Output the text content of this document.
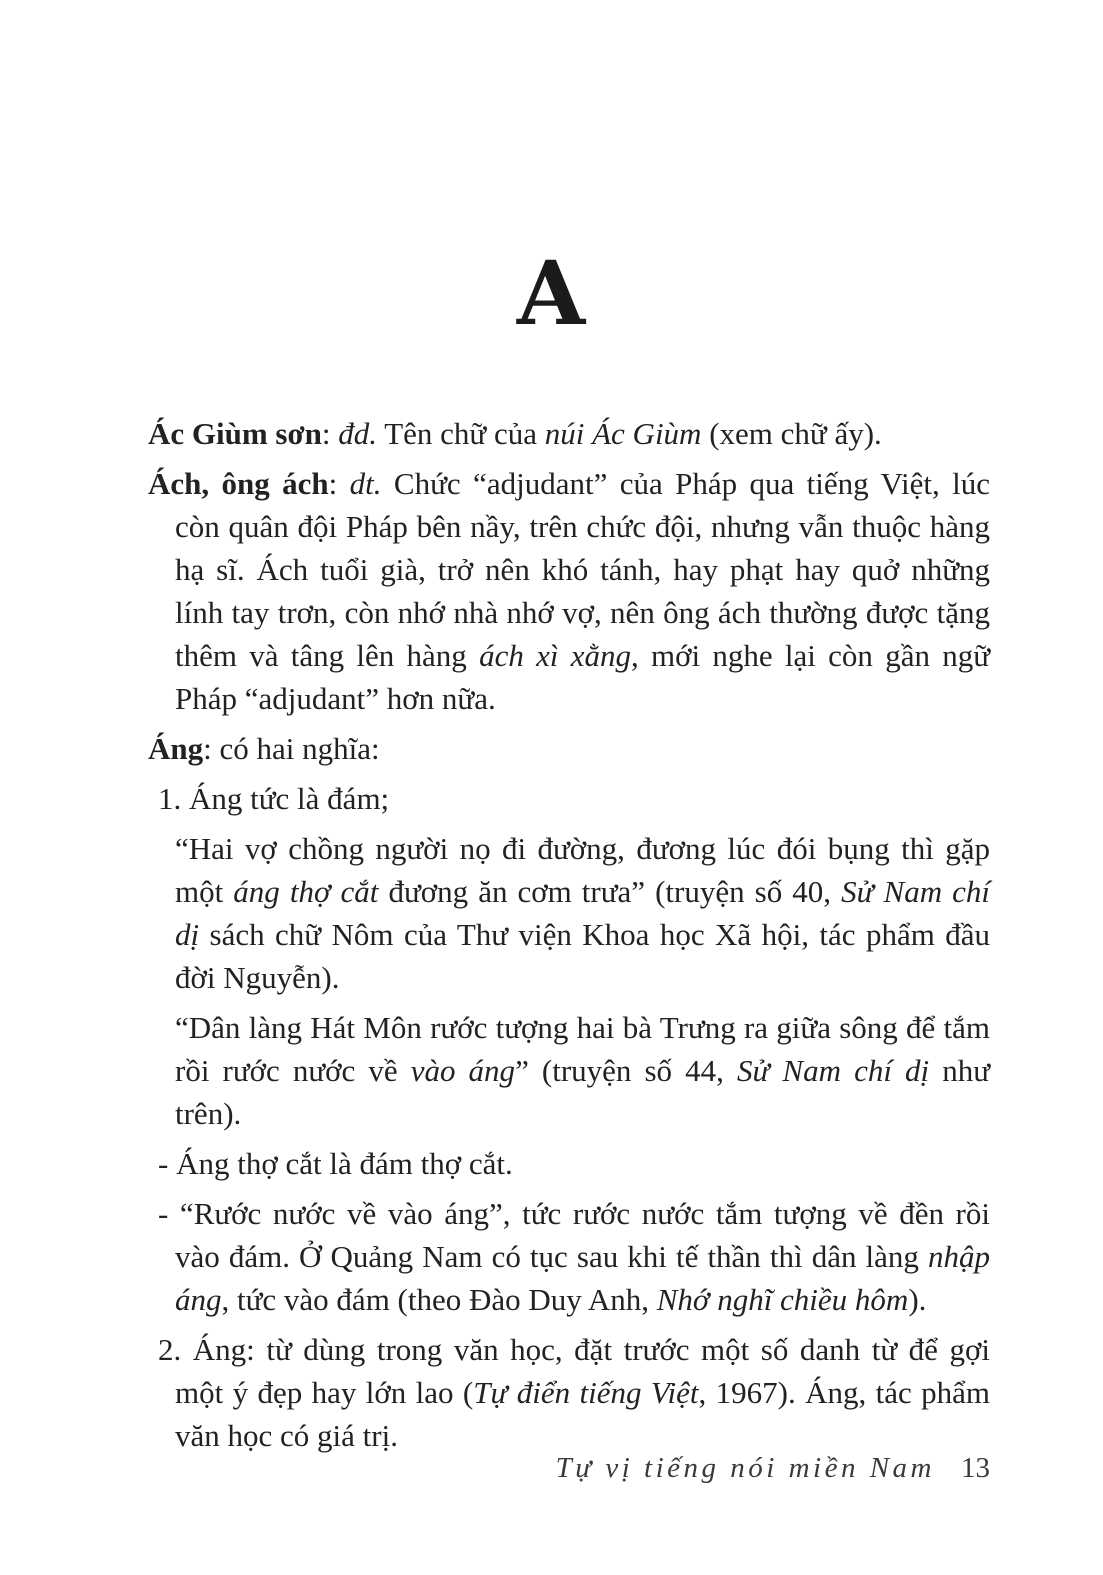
A

Ác Giùm sơn: đd. Tên chữ của núi Ác Giùm (xem chữ ấy).

Ách, ông ách: dt. Chức “adjudant” của Pháp qua tiếng Việt, lúc còn quân đội Pháp bên nầy, trên chức đội, nhưng vẫn thuộc hàng hạ sĩ. Ách tuổi già, trở nên khó tánh, hay phạt hay quở những lính tay trơn, còn nhớ nhà nhớ vợ, nên ông ách thường được tặng thêm và tâng lên hàng ách xì xằng, mới nghe lại còn gần ngữ Pháp “adjudant” hơn nữa.

Áng: có hai nghĩa:

1. Áng tức là đám;

“Hai vợ chồng người nọ đi đường, đương lúc đói bụng thì gặp một áng thợ cắt đương ăn cơm trưa” (truyện số 40, Sử Nam chí dị sách chữ Nôm của Thư viện Khoa học Xã hội, tác phẩm đầu đời Nguyễn).

“Dân làng Hát Môn rước tượng hai bà Trưng ra giữa sông để tắm rồi rước nước về vào áng” (truyện số 44, Sử Nam chí dị như trên).

- Áng thợ cắt là đám thợ cắt.

- “Rước nước về vào áng”, tức rước nước tắm tượng về đền rồi vào đám. Ở Quảng Nam có tục sau khi tế thần thì dân làng nhập áng, tức vào đám (theo Đào Duy Anh, Nhớ nghĩ chiều hôm).

2. Áng: từ dùng trong văn học, đặt trước một số danh từ để gợi một ý đẹp hay lớn lao (Tự điển tiếng Việt, 1967). Áng, tác phẩm văn học có giá trị.

Tự vị tiếng nói miền Nam 13
